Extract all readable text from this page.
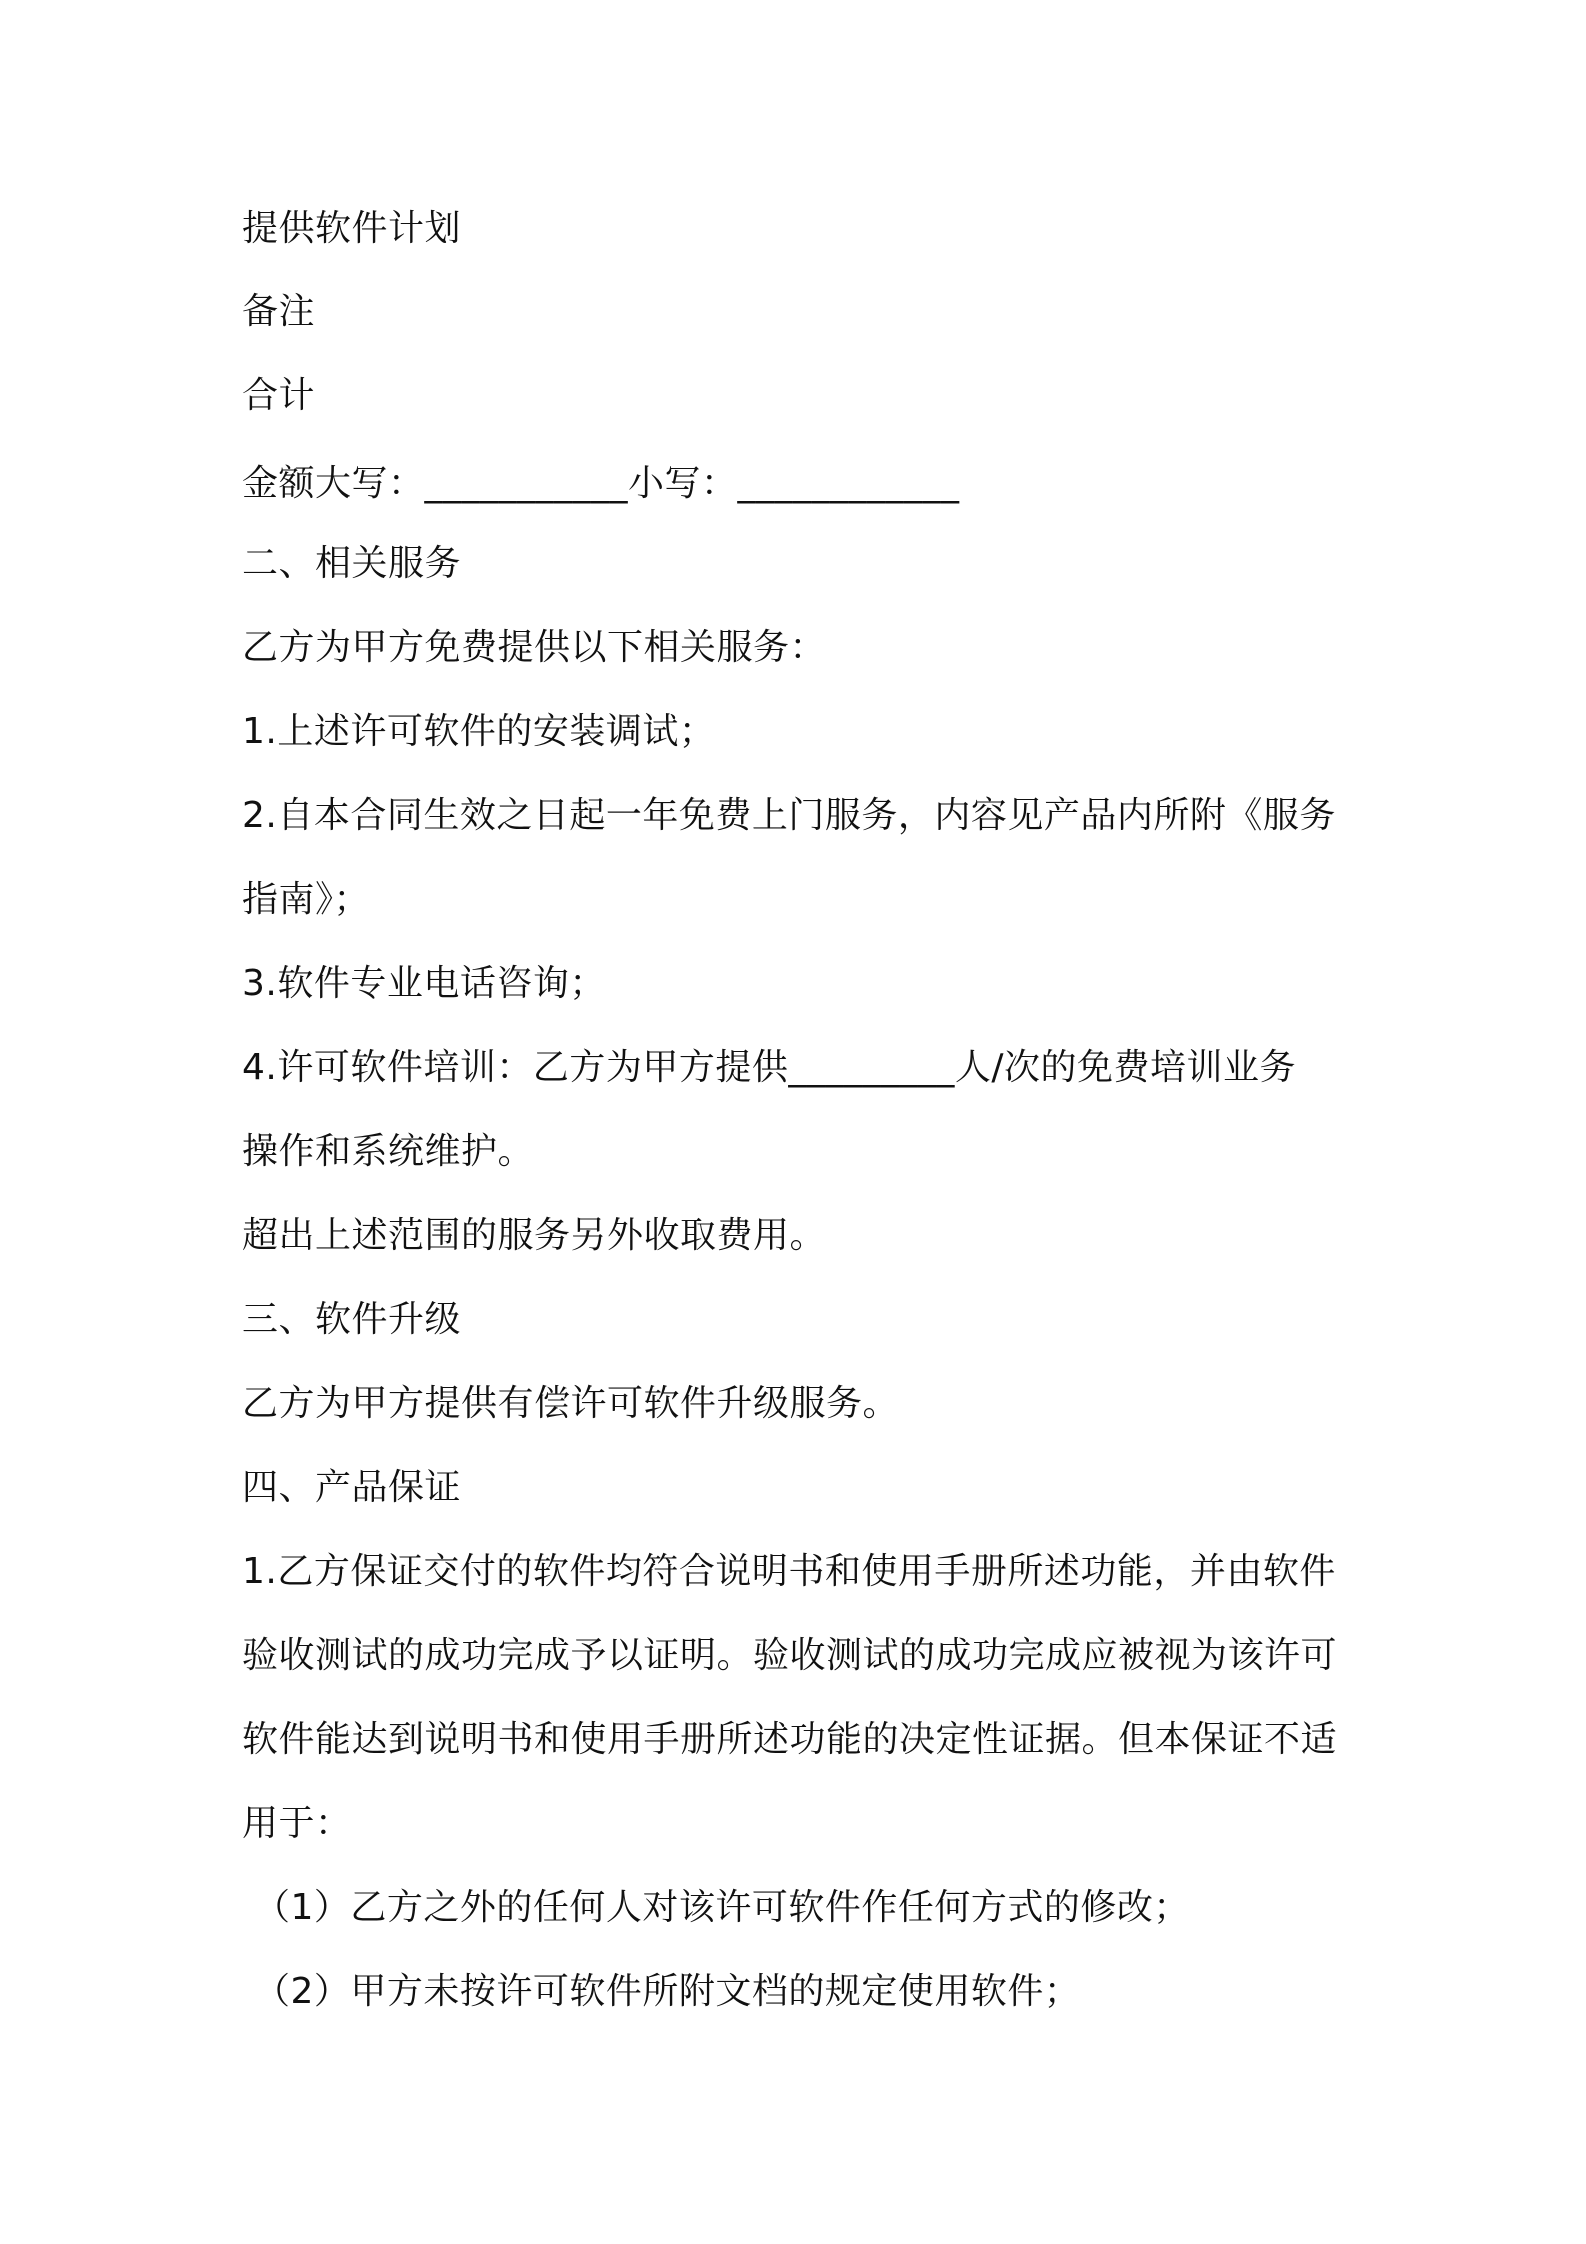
提供软件计划
备注
合计
金额大写：___________小写：____________
二、相关服务
乙方为甲方免费提供以下相关服务：
1.上述许可软件的安装调试；
2.自本合同生效之日起一年免费上门服务，内容见产品内所附《服务
指南》；
3.软件专业电话咨询；
4.许可软件培训：乙方为甲方提供_________人/次的免费培训业务
操作和系统维护。
超出上述范围的服务另外收取费用。
三、软件升级
乙方为甲方提供有偿许可软件升级服务。
四、产品保证
1.乙方保证交付的软件均符合说明书和使用手册所述功能，并由软件
验收测试的成功完成予以证明。验收测试的成功完成应被视为该许可
软件能达到说明书和使用手册所述功能的决定性证据。但本保证不适
用于：
（1）乙方之外的任何人对该许可软件作任何方式的修改；
（2）甲方未按许可软件所附文档的规定使用软件；
